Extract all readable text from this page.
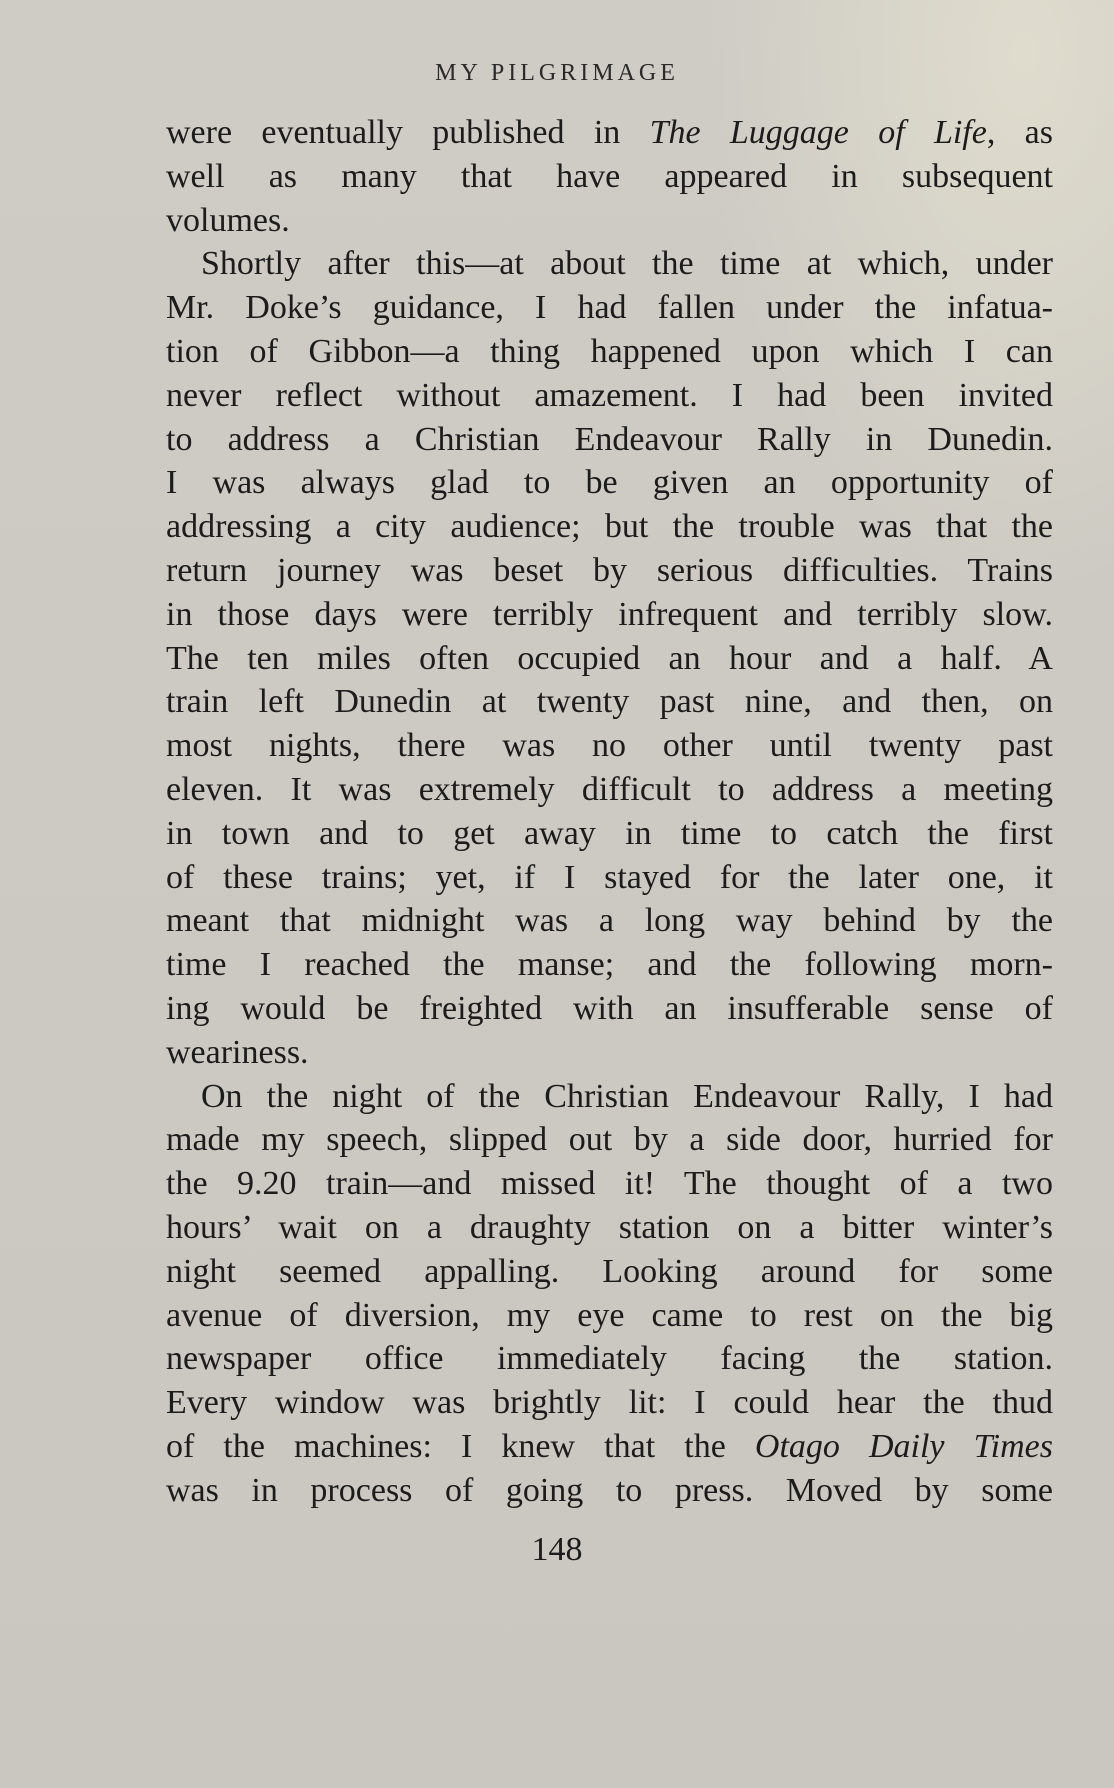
MY PILGRIMAGE
were eventually published in The Luggage of Life, as
well as many that have appeared in subsequent
volumes.
Shortly after this—at about the time at which, under
Mr. Doke’s guidance, I had fallen under the infatua-
tion of Gibbon—a thing happened upon which I can
never reflect without amazement. I had been invited
to address a Christian Endeavour Rally in Dunedin.
I was always glad to be given an opportunity of
addressing a city audience; but the trouble was that the
return journey was beset by serious difficulties. Trains
in those days were terribly infrequent and terribly slow.
The ten miles often occupied an hour and a half. A
train left Dunedin at twenty past nine, and then, on
most nights, there was no other until twenty past
eleven. It was extremely difficult to address a meeting
in town and to get away in time to catch the first
of these trains; yet, if I stayed for the later one, it
meant that midnight was a long way behind by the
time I reached the manse; and the following morn-
ing would be freighted with an insufferable sense of
weariness.
On the night of the Christian Endeavour Rally, I had
made my speech, slipped out by a side door, hurried for
the 9.20 train—and missed it! The thought of a two
hours’ wait on a draughty station on a bitter winter’s
night seemed appalling. Looking around for some
avenue of diversion, my eye came to rest on the big
newspaper office immediately facing the station.
Every window was brightly lit: I could hear the thud
of the machines: I knew that the Otago Daily Times
was in process of going to press. Moved by some
148
